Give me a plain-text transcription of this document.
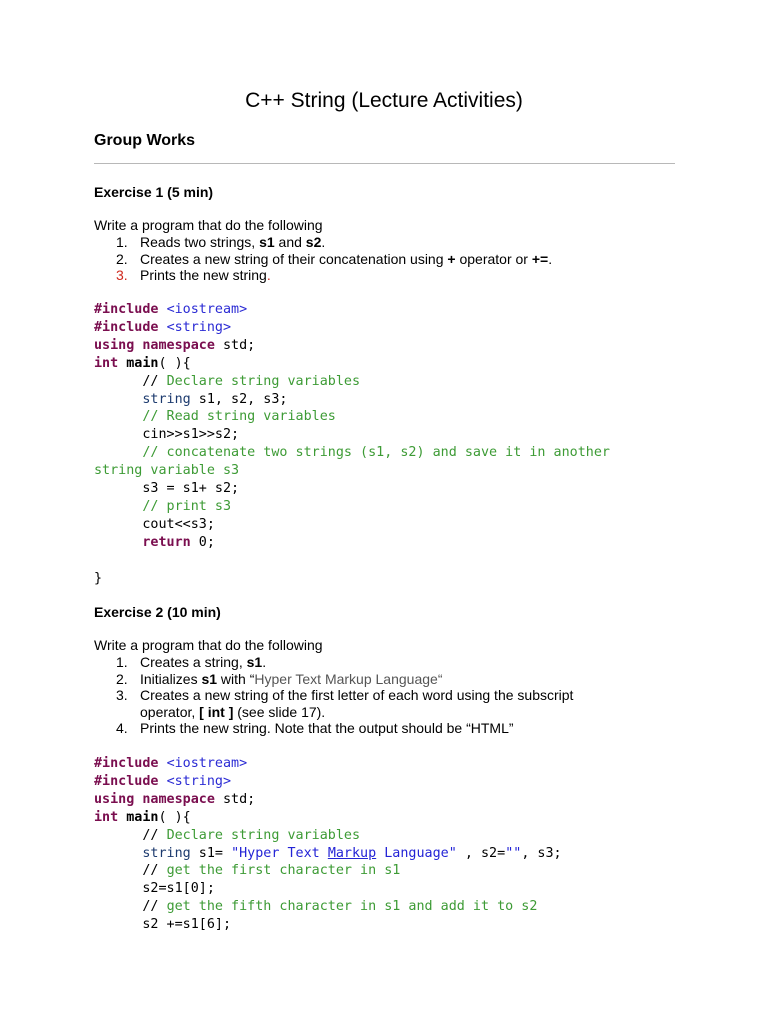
C++ String (Lecture Activities)
Group Works
Exercise 1 (5 min)
Write a program that do the following
1. Reads two strings, s1 and s2.
2. Creates a new string of their concatenation using + operator or +=.
3. Prints the new string.
#include <iostream>
#include <string>
using namespace std;
int main( ){
// Declare string variables
string s1, s2, s3;
// Read string variables
cin>>s1>>s2;
// concatenate two strings (s1, s2) and save it in another
string variable s3
s3 = s1+ s2;
// print s3
cout<<s3;
return 0;

}
Exercise 2 (10 min)
Write a program that do the following
1. Creates a string, s1.
2. Initializes s1 with “Hyper Text Markup Language“
3. Creates a new string of the first letter of each word using the subscript
operator, [ int ] (see slide 17).
4. Prints the new string. Note that the output should be “HTML”
#include <iostream>
#include <string>
using namespace std;
int main( ){
// Declare string variables
string s1= "Hyper Text Markup Language" , s2="", s3;
// get the first character in s1
s2=s1[0];
// get the fifth character in s1 and add it to s2
s2 +=s1[6];
